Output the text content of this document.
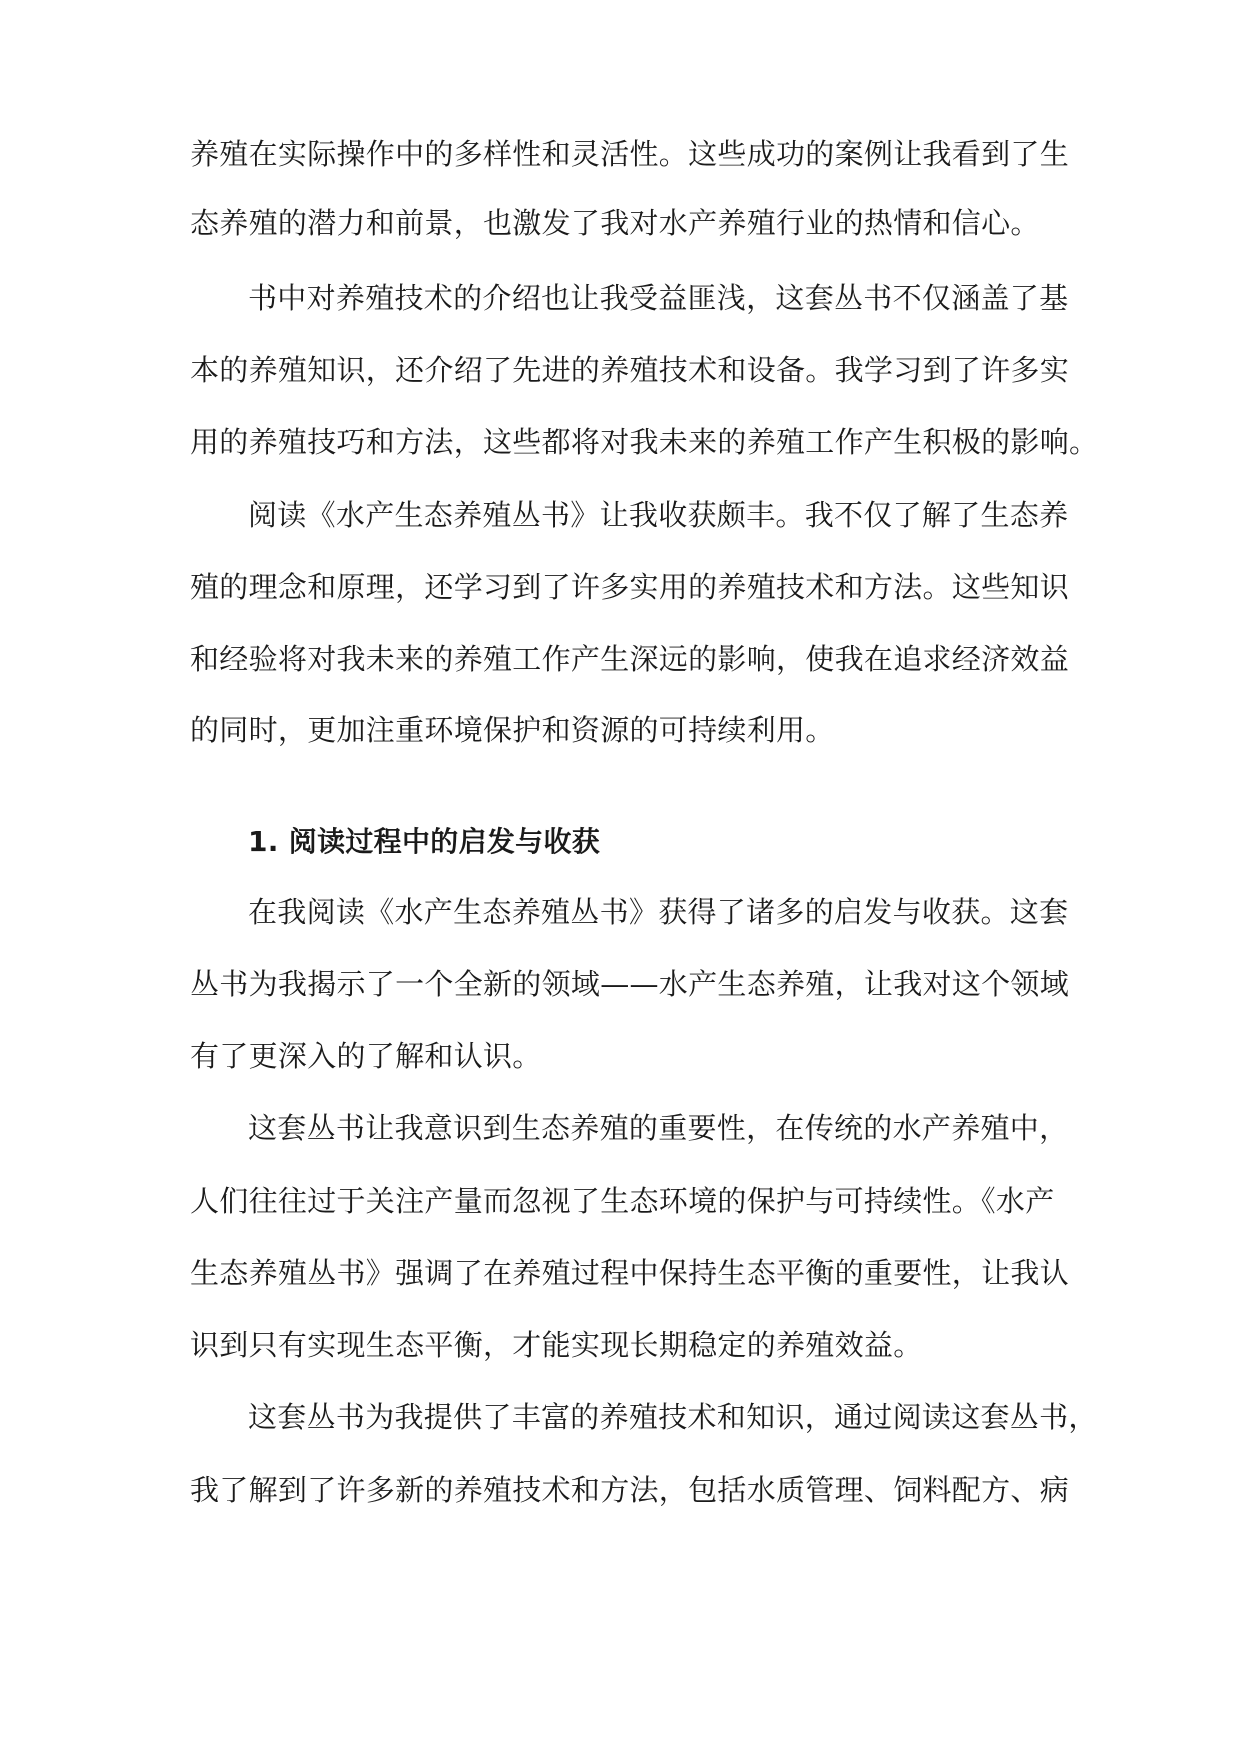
养殖在实际操作中的多样性和灵活性。这些成功的案例让我看到了生
态养殖的潜力和前景，也激发了我对水产养殖行业的热情和信心。
书中对养殖技术的介绍也让我受益匪浅，这套丛书不仅涵盖了基
本的养殖知识，还介绍了先进的养殖技术和设备。我学习到了许多实
用的养殖技巧和方法，这些都将对我未来的养殖工作产生积极的影响。
阅读《水产生态养殖丛书》让我收获颇丰。我不仅了解了生态养
殖的理念和原理，还学习到了许多实用的养殖技术和方法。这些知识
和经验将对我未来的养殖工作产生深远的影响，使我在追求经济效益
的同时，更加注重环境保护和资源的可持续利用。
1. 阅读过程中的启发与收获
在我阅读《水产生态养殖丛书》获得了诸多的启发与收获。这套
丛书为我揭示了一个全新的领域——水产生态养殖，让我对这个领域
有了更深入的了解和认识。
这套丛书让我意识到生态养殖的重要性，在传统的水产养殖中，
人们往往过于关注产量而忽视了生态环境的保护与可持续性。《水产
生态养殖丛书》强调了在养殖过程中保持生态平衡的重要性，让我认
识到只有实现生态平衡，才能实现长期稳定的养殖效益。
这套丛书为我提供了丰富的养殖技术和知识，通过阅读这套丛书，
我了解到了许多新的养殖技术和方法，包括水质管理、饲料配方、病
